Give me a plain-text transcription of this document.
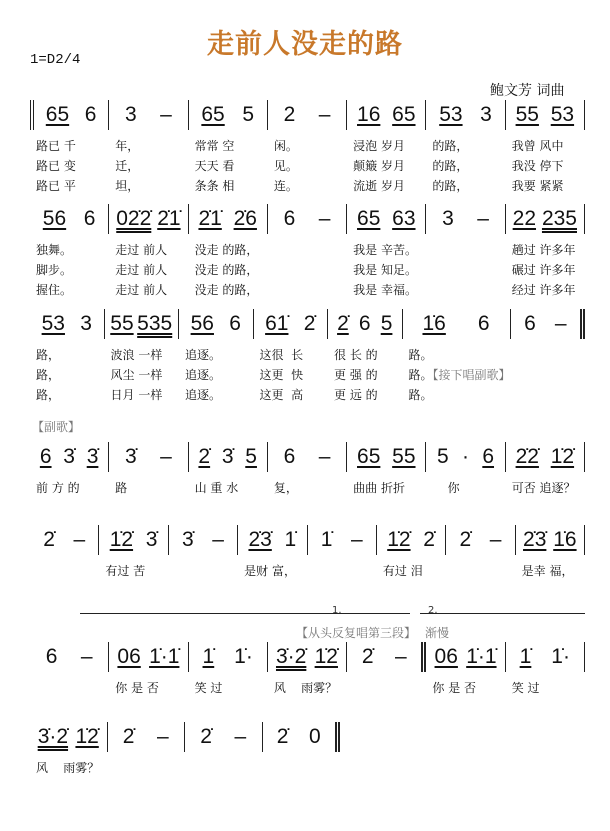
走前人没走的路
1=D2/4
鲍文芳 词曲
【副歌】
1.	2.
【从头反复唱第三段】 渐慢
65 6
路已 千
路已 变
路已 平
3 –
年，
迁，
坦，
65 5
常常 空
天天 看
条条 相
2 –
闲。
见。
连。
16 65
浸泡 岁月
颠簸 岁月
流逝 岁月
53 3
的路，
的路，
的路，
55 53
我曾 风中
我没 停下
我要 紧紧
56 6
独舞。
脚步。
握住。
02̇2̇ 2̇1̇
走过 前人
走过 前人
走过 前人
2̇1̇ 2̇6
没走 的路，
没走 的路，
没走 的路，
6 – 65 63
我是 辛苦。
我是 知足。
我是 幸福。
3 – 22 235
趟过 许多年
碾过 许多年
经过 许多年
53 3
路，
路，
路，
55 535
波浪 一样
风尘 一样
日月 一样
56 6
追逐。
追逐。
追逐。
61̇ 2̇
这很  长
这更  快
这更  高
2̇ 6 5
很 长 的
更 强 的
更 远 的
1̇6 6
路。
路。【接下唱副歌】
路。
6 –
6 3̇ 3̇
前 方 的
3̇ –
路
2̇ 3̇ 5
山 重 水
6 –
复，
65 55
曲曲 折折
5 · 6
你
2̇2̇ 1̇2̇
可否 追逐？
2̇ – 1̇2̇ 3̇
有过 苦
3̇ – 2̇3̇ 1̇
是财 富，
1̇ – 1̇2̇ 2̇
有过 泪
2̇ – 2̇3̇ 1̇6
是幸 福，
6 – 06 1̇·1̇
你 是 否
1̇ 1̇·
笑 过
3̇·2̇ 1̇2̇
风    雨雾？
2̇ – 06 1̇·1̇
你 是 否
1̇ 1̇·
笑 过
3̇·2̇ 1̇2̇
风    雨雾？
2̇ – 2̇ – 2̇ 0
